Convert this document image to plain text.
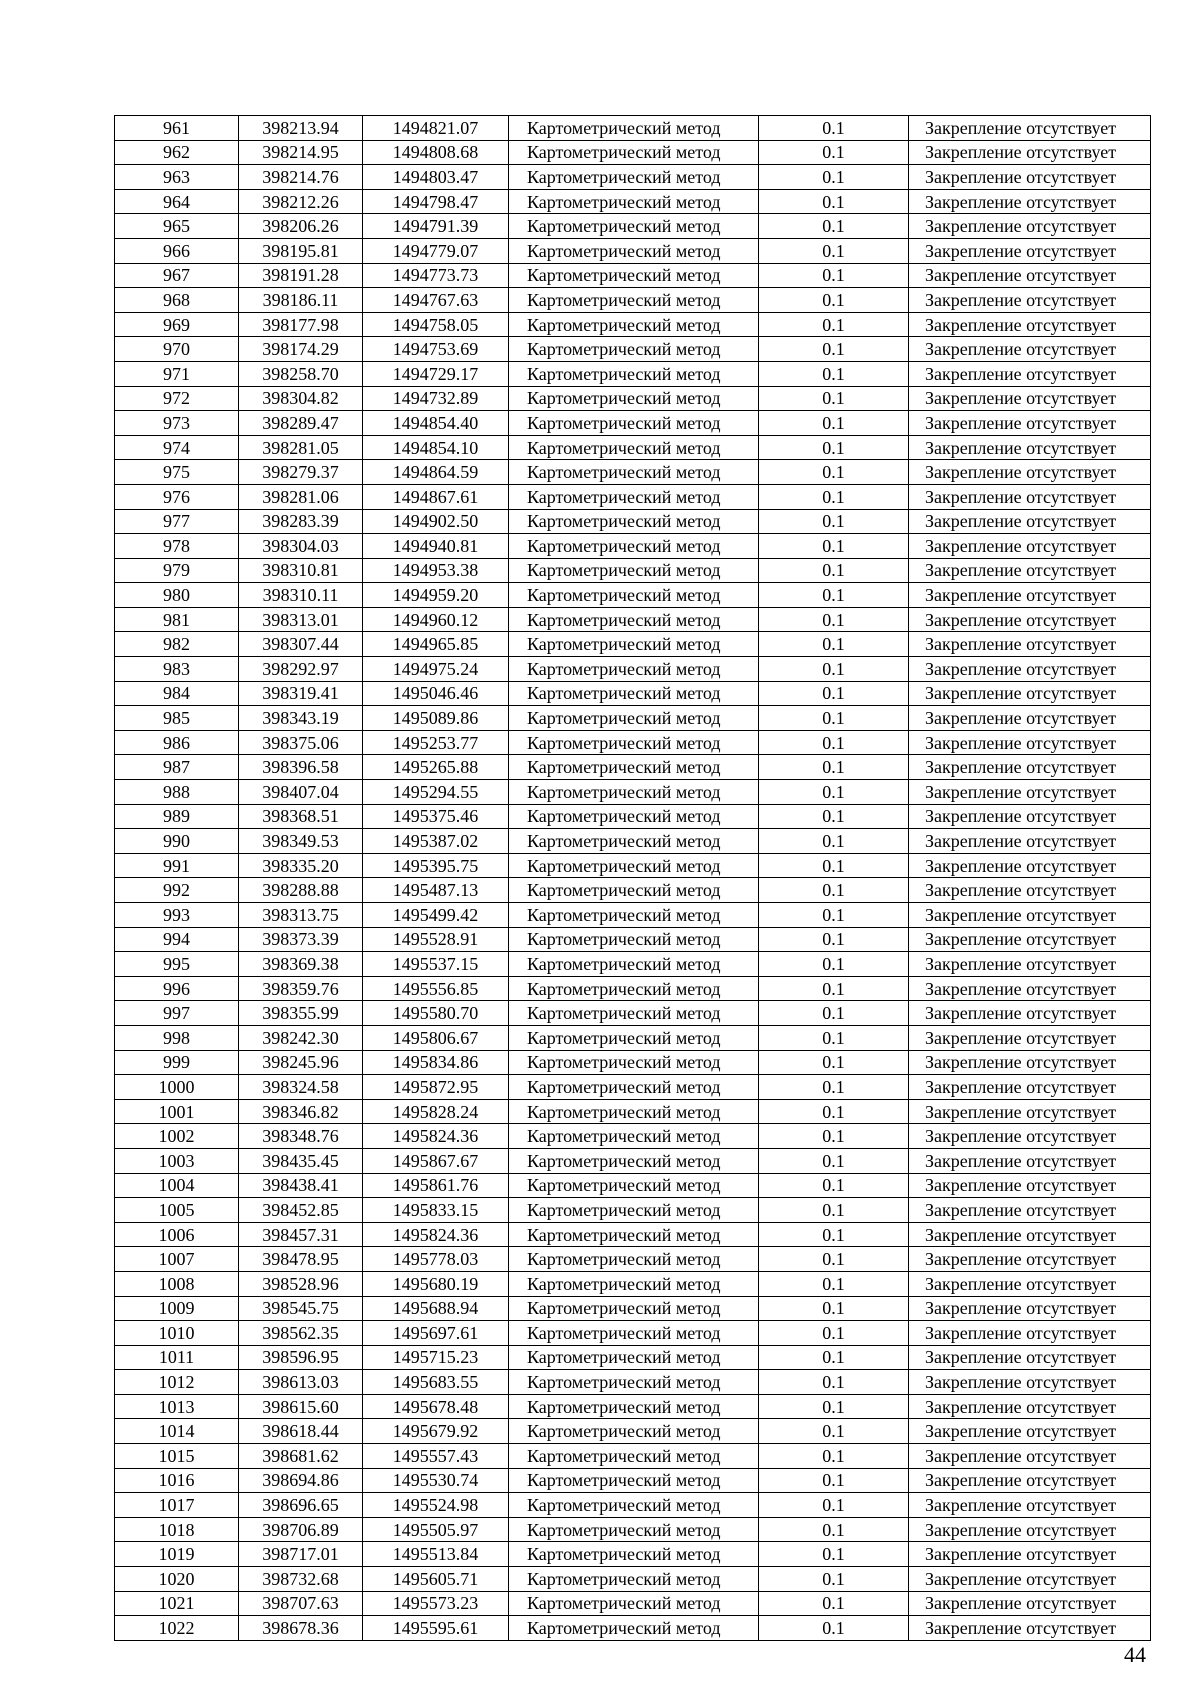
961	398213.94	1494821.07	Картометрический метод	0.1	Закрепление отсутствует
962	398214.95	1494808.68	Картометрический метод	0.1	Закрепление отсутствует
963	398214.76	1494803.47	Картометрический метод	0.1	Закрепление отсутствует
964	398212.26	1494798.47	Картометрический метод	0.1	Закрепление отсутствует
965	398206.26	1494791.39	Картометрический метод	0.1	Закрепление отсутствует
966	398195.81	1494779.07	Картометрический метод	0.1	Закрепление отсутствует
967	398191.28	1494773.73	Картометрический метод	0.1	Закрепление отсутствует
968	398186.11	1494767.63	Картометрический метод	0.1	Закрепление отсутствует
969	398177.98	1494758.05	Картометрический метод	0.1	Закрепление отсутствует
970	398174.29	1494753.69	Картометрический метод	0.1	Закрепление отсутствует
971	398258.70	1494729.17	Картометрический метод	0.1	Закрепление отсутствует
972	398304.82	1494732.89	Картометрический метод	0.1	Закрепление отсутствует
973	398289.47	1494854.40	Картометрический метод	0.1	Закрепление отсутствует
974	398281.05	1494854.10	Картометрический метод	0.1	Закрепление отсутствует
975	398279.37	1494864.59	Картометрический метод	0.1	Закрепление отсутствует
976	398281.06	1494867.61	Картометрический метод	0.1	Закрепление отсутствует
977	398283.39	1494902.50	Картометрический метод	0.1	Закрепление отсутствует
978	398304.03	1494940.81	Картометрический метод	0.1	Закрепление отсутствует
979	398310.81	1494953.38	Картометрический метод	0.1	Закрепление отсутствует
980	398310.11	1494959.20	Картометрический метод	0.1	Закрепление отсутствует
981	398313.01	1494960.12	Картометрический метод	0.1	Закрепление отсутствует
982	398307.44	1494965.85	Картометрический метод	0.1	Закрепление отсутствует
983	398292.97	1494975.24	Картометрический метод	0.1	Закрепление отсутствует
984	398319.41	1495046.46	Картометрический метод	0.1	Закрепление отсутствует
985	398343.19	1495089.86	Картометрический метод	0.1	Закрепление отсутствует
986	398375.06	1495253.77	Картометрический метод	0.1	Закрепление отсутствует
987	398396.58	1495265.88	Картометрический метод	0.1	Закрепление отсутствует
988	398407.04	1495294.55	Картометрический метод	0.1	Закрепление отсутствует
989	398368.51	1495375.46	Картометрический метод	0.1	Закрепление отсутствует
990	398349.53	1495387.02	Картометрический метод	0.1	Закрепление отсутствует
991	398335.20	1495395.75	Картометрический метод	0.1	Закрепление отсутствует
992	398288.88	1495487.13	Картометрический метод	0.1	Закрепление отсутствует
993	398313.75	1495499.42	Картометрический метод	0.1	Закрепление отсутствует
994	398373.39	1495528.91	Картометрический метод	0.1	Закрепление отсутствует
995	398369.38	1495537.15	Картометрический метод	0.1	Закрепление отсутствует
996	398359.76	1495556.85	Картометрический метод	0.1	Закрепление отсутствует
997	398355.99	1495580.70	Картометрический метод	0.1	Закрепление отсутствует
998	398242.30	1495806.67	Картометрический метод	0.1	Закрепление отсутствует
999	398245.96	1495834.86	Картометрический метод	0.1	Закрепление отсутствует
1000	398324.58	1495872.95	Картометрический метод	0.1	Закрепление отсутствует
1001	398346.82	1495828.24	Картометрический метод	0.1	Закрепление отсутствует
1002	398348.76	1495824.36	Картометрический метод	0.1	Закрепление отсутствует
1003	398435.45	1495867.67	Картометрический метод	0.1	Закрепление отсутствует
1004	398438.41	1495861.76	Картометрический метод	0.1	Закрепление отсутствует
1005	398452.85	1495833.15	Картометрический метод	0.1	Закрепление отсутствует
1006	398457.31	1495824.36	Картометрический метод	0.1	Закрепление отсутствует
1007	398478.95	1495778.03	Картометрический метод	0.1	Закрепление отсутствует
1008	398528.96	1495680.19	Картометрический метод	0.1	Закрепление отсутствует
1009	398545.75	1495688.94	Картометрический метод	0.1	Закрепление отсутствует
1010	398562.35	1495697.61	Картометрический метод	0.1	Закрепление отсутствует
1011	398596.95	1495715.23	Картометрический метод	0.1	Закрепление отсутствует
1012	398613.03	1495683.55	Картометрический метод	0.1	Закрепление отсутствует
1013	398615.60	1495678.48	Картометрический метод	0.1	Закрепление отсутствует
1014	398618.44	1495679.92	Картометрический метод	0.1	Закрепление отсутствует
1015	398681.62	1495557.43	Картометрический метод	0.1	Закрепление отсутствует
1016	398694.86	1495530.74	Картометрический метод	0.1	Закрепление отсутствует
1017	398696.65	1495524.98	Картометрический метод	0.1	Закрепление отсутствует
1018	398706.89	1495505.97	Картометрический метод	0.1	Закрепление отсутствует
1019	398717.01	1495513.84	Картометрический метод	0.1	Закрепление отсутствует
1020	398732.68	1495605.71	Картометрический метод	0.1	Закрепление отсутствует
1021	398707.63	1495573.23	Картометрический метод	0.1	Закрепление отсутствует
1022	398678.36	1495595.61	Картометрический метод	0.1	Закрепление отсутствует
44
